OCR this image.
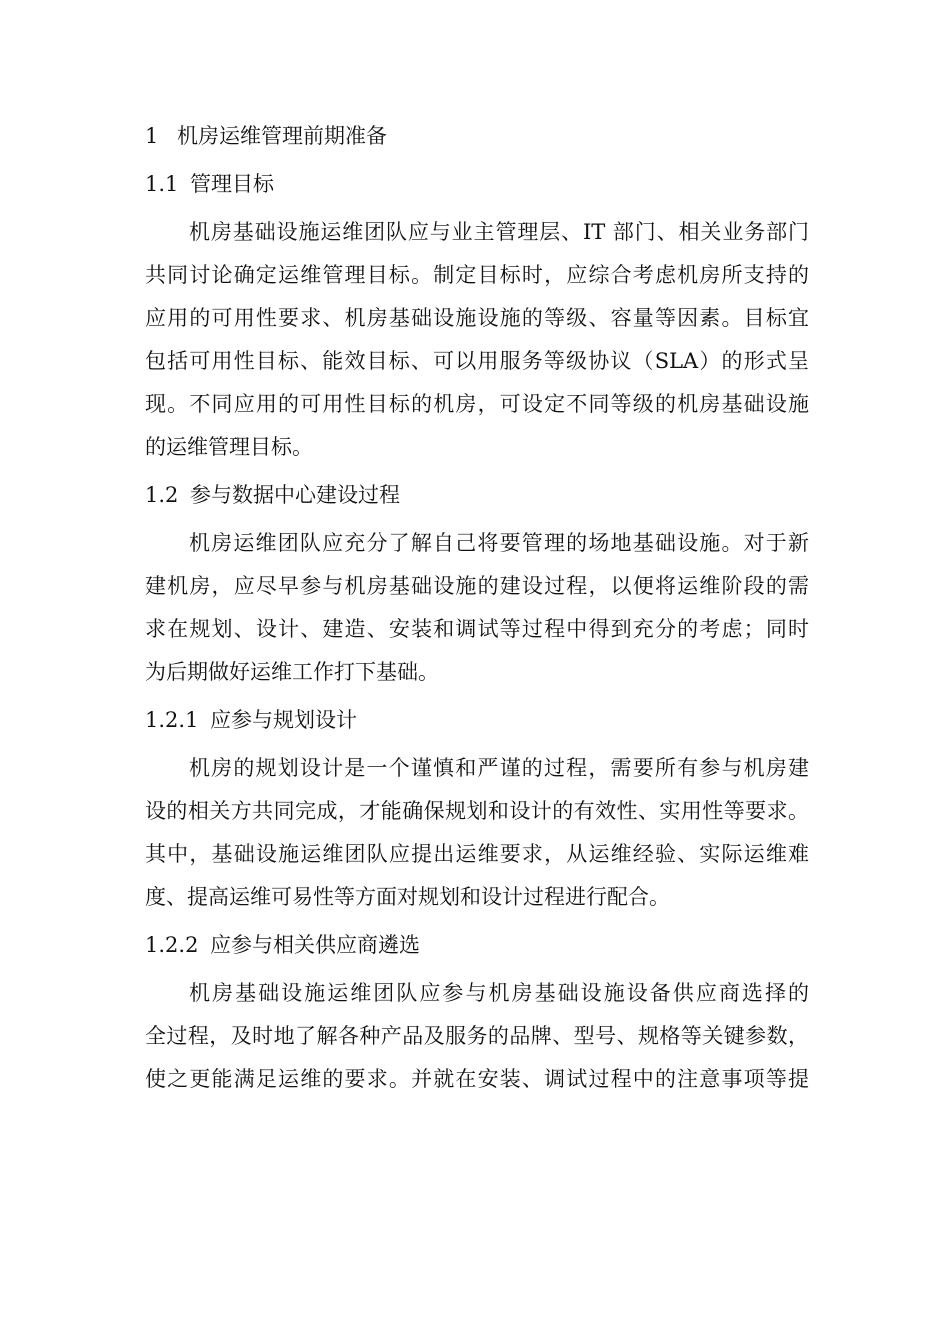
1 机房运维管理前期准备
1.1 管理目标
机房基础设施运维团队应与业主管理层、IT 部门、相关业务部门
共同讨论确定运维管理目标。制定目标时，应综合考虑机房所支持的
应用的可用性要求、机房基础设施设施的等级、容量等因素。目标宜
包括可用性目标、能效目标、可以用服务等级协议（SLA）的形式呈
现。不同应用的可用性目标的机房，可设定不同等级的机房基础设施
的运维管理目标。
1.2 参与数据中心建设过程
机房运维团队应充分了解自己将要管理的场地基础设施。对于新
建机房，应尽早参与机房基础设施的建设过程，以便将运维阶段的需
求在规划、设计、建造、安装和调试等过程中得到充分的考虑；同时
为后期做好运维工作打下基础。
1.2.1 应参与规划设计
机房的规划设计是一个谨慎和严谨的过程，需要所有参与机房建
设的相关方共同完成，才能确保规划和设计的有效性、实用性等要求。
其中，基础设施运维团队应提出运维要求，从运维经验、实际运维难
度、提高运维可易性等方面对规划和设计过程进行配合。
1.2.2 应参与相关供应商遴选
机房基础设施运维团队应参与机房基础设施设备供应商选择的
全过程，及时地了解各种产品及服务的品牌、型号、规格等关键参数，
使之更能满足运维的要求。并就在安装、调试过程中的注意事项等提
